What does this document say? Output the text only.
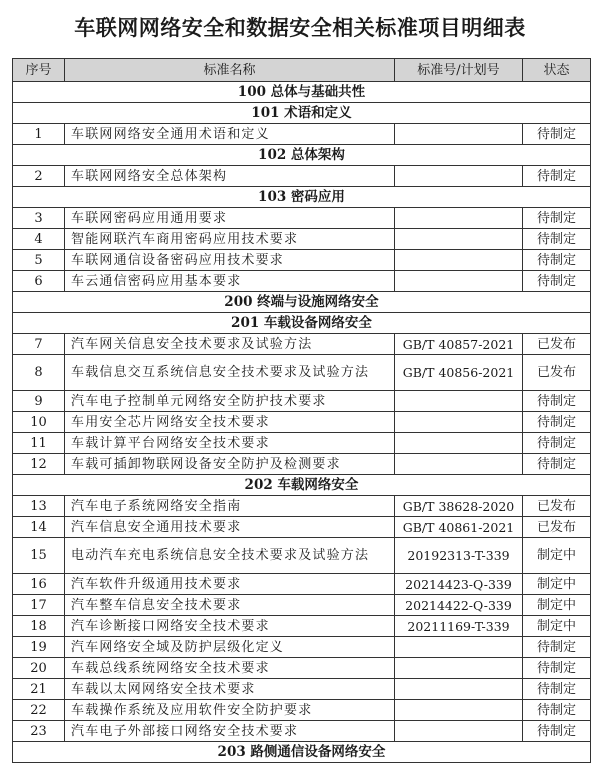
车联网网络安全和数据安全相关标准项目明细表
序号	标准名称	标准号/计划号	状态
100 总体与基础共性			
101 术语和定义			
1	车联网网络安全通用术语和定义		待制定
102 总体架构			
2	车联网网络安全总体架构		待制定
103 密码应用			
3	车联网密码应用通用要求		待制定
4	智能网联汽车商用密码应用技术要求		待制定
5	车联网通信设备密码应用技术要求		待制定
6	车云通信密码应用基本要求		待制定
200 终端与设施网络安全			
201 车载设备网络安全			
7	汽车网关信息安全技术要求及试验方法	GB/T 40857-2021	已发布
8	车载信息交互系统信息安全技术要求及试验方法	GB/T 40856-2021	已发布
9	汽车电子控制单元网络安全防护技术要求		待制定
10	车用安全芯片网络安全技术要求		待制定
11	车载计算平台网络安全技术要求		待制定
12	车载可插卸物联网设备安全防护及检测要求		待制定
202 车载网络安全			
13	汽车电子系统网络安全指南	GB/T 38628-2020	已发布
14	汽车信息安全通用技术要求	GB/T 40861-2021	已发布
15	电动汽车充电系统信息安全技术要求及试验方法	20192313-T-339	制定中
16	汽车软件升级通用技术要求	20214423-Q-339	制定中
17	汽车整车信息安全技术要求	20214422-Q-339	制定中
18	汽车诊断接口网络安全技术要求	20211169-T-339	制定中
19	汽车网络安全域及防护层级化定义		待制定
20	车载总线系统网络安全技术要求		待制定
21	车载以太网网络安全技术要求		待制定
22	车载操作系统及应用软件安全防护要求		待制定
23	汽车电子外部接口网络安全技术要求		待制定
203 路侧通信设备网络安全			
